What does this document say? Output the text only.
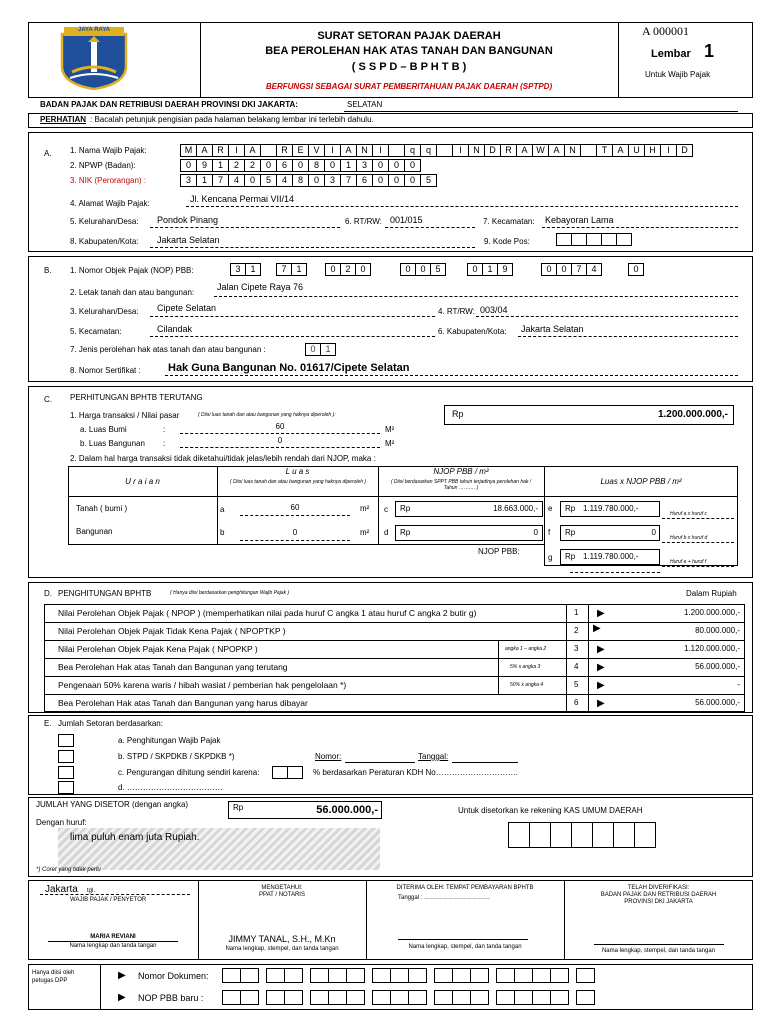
JAYA RAYA	SURAT SETORAN PAJAK DAERAH
BEA PEROLEHAN HAK ATAS TANAH DAN BANGUNAN
( S S P D – B P H T B )
BERFUNGSI SEBAGAI SURAT PEMBERITAHUAN PAJAK DAERAH (SPTPD)
A 000001
Lembar 1
Untuk Wajib Pajak
BADAN PAJAK DAN RETRIBUSI DAERAH PROVINSI DKI JAKARTA:	SELATAN
PERHATIAN : Bacalah petunjuk pengisian pada halaman belakang lembar ini terlebih dahulu.
A. 1. Nama Wajib Pajak:	M	A	R	I	A	R	E	V	I	A	N	I	q	q	I	N	D	R	A W A	N	T	A	U	H	I	D
2. NPWP (Badan):	0	9	1	2	2	0	6	0	8	0	1	3	0	0	0
3. NIK (Perorangan) :	3	1	7	4	0	5	4	8	0	3	7	6	0	0	0	5
4. Alamat Wajib Pajak:	Jl. Kencana Permai VII/14
5. Kelurahan/Desa: Pondok Pinang	6. RT/RW: 001/015	7. Kecamatan: Kebayoran Lama
8. Kabupaten/Kota: Jakarta Selatan	9. Kode Pos:
B. 1. Nomor Objek Pajak (NOP) PBB:	3	1	7	1	0	2	0	0	0	5	0	1	9	0	0	7	4	0
2. Letak tanah dan atau bangunan:
Jalan Cipete Raya 76
3. Kelurahan/Desa: Cipete Selatan	4. RT/RW: 003/04
5. Kecamatan:	Cilandak	6. Kabupaten/Kota: Jakarta Selatan
7. Jenis perolehan hak atas tanah dan atau bangunan :	0	1
8. Nomor Sertifikat : Hak Guna Bangunan No. 01617/Cipete Selatan
C. PERHITUNGAN BPHTB TERUTANG
1. Harga transaksi / Nilai pasar	( Diisi luas tanah dan atau bangunan yang haknya diperoleh ):	Rp	1.200.000.000,-
a. Luas Bumi	:	60	M²
b. Luas Bangunan :	0	M²
2. Dalam hal harga transaksi tidak diketahui/tidak jelas/lebih rendah dari NJOP, maka :
U r a i a n
L u a s
( Diisi luas tanah dan atau bangunan yang haknya diperoleh )
NJOP PBB / m²
( Diisi berdasarkan SPPT PBB tahun terjadinya perolehan hak / Tahun ………. )
Luas x NJOP PBB / m²
Tanah ( bumi )
Bangunan
a	60	m²
b	0	m²
c Rp	18.663.000,-
d Rp	0
e Rp 1.119.780.000,-
Huruf a x huruf c
f Rp	0
Huruf b x huruf d
NJOP PBB:
g Rp 1.119.780.000,-
Huruf e + huruf f
D. PENGHITUNGAN BPHTB	( Hanya diisi berdasarkan penghitungan Wajib Pajak )	Dalam Rupiah
Nilai Perolehan Objek Pajak ( NPOP ) (memperhatikan nilai pada huruf C angka 1 atau huruf C angka 2 butir g)	1 ▶	1.200.000.000,-
Nilai Perolehan Objek Pajak Tidak Kena Pajak ( NPOPTKP )	2 ▶	80.000.000,-
Nilai Perolehan Objek Pajak Kena Pajak ( NPOPKP )	angka 1 – angka 2	3 ▶	1.120.000.000,-
Bea Perolehan Hak atas Tanah dan Bangunan yang terutang	5% x angka 3	4 ▶	56.000.000,-
Pengenaan 50% karena waris / hibah wasiat / pemberian hak pengelolaan *)	50% x angka 4	5 ▶	-
Bea Perolehan Hak atas Tanah dan Bangunan yang harus dibayar	6 ▶	56.000.000,-
E. Jumlah Setoran berdasarkan:
a. Penghitungan Wajib Pajak
b. STPD / SKPDKB / SKPDKB *)	Nomor:	Tanggal:
c. Pengurangan dihitung sendiri karena:	% berdasarkan Peraturan KDH No………………………….
d. ………………………………
JUMLAH YANG DISETOR (dengan angka)	Rp	56.000.000,-
Dengan huruf:
lima puluh enam juta Rupiah.
Untuk disetorkan ke rekening KAS UMUM DAERAH
*) Coret yang tidak perlu
Jakarta tgl.
WAJIB PAJAK / PENYETOR
MARIA REVIANI
Nama lengkap dan tanda tangan
MENGETAHUI:
PPAT / NOTARIS
JIMMY TANAL, S.H., M.Kn
Nama lengkap, stempel, dan tanda tangan
DITERIMA OLEH: TEMPAT PEMBAYARAN BPHTB
Tanggal : ……………………………
Nama lengkap, stempel, dan tanda tangan
TELAH DIVERIFIKASI:
BADAN PAJAK DAN RETRIBUSI DAERAH
PROVINSI DKI JAKARTA
Nama lengkap, stempel, dan tanda tangan
Hanya diisi oleh petugas DPP	▶ Nomor Dokumen:
▶ NOP PBB baru :
